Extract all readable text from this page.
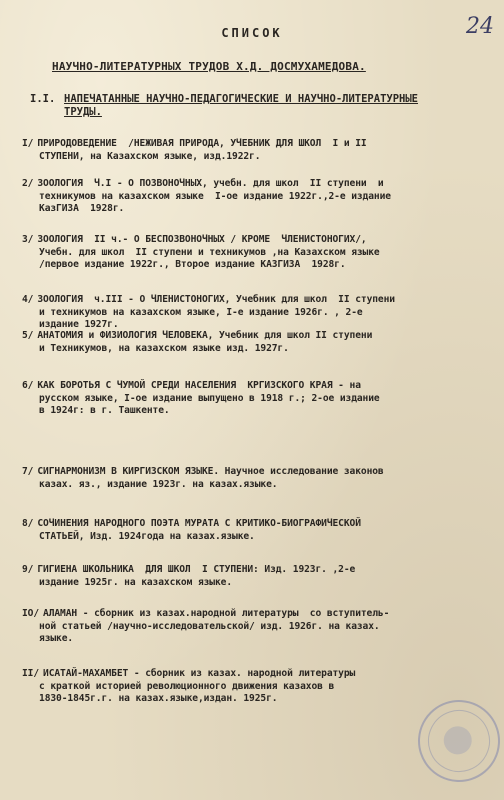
24
СПИСОК
НАУЧНО-ЛИТЕРАТУРНЫХ ТРУДОВ Х.Д. ДОСМУХАМЕДОВА.
I.I. НАПЕЧАТАННЫЕ НАУЧНО-ПЕДАГОГИЧЕСКИЕ И НАУЧНО-ЛИТЕРАТУРНЫЕ
ТРУДЫ.
I/ ПРИРОДОВЕДЕНИЕ  /НЕЖИВАЯ ПРИРОДА, УЧЕБНИК ДЛЯ ШКОЛ  I и II
СТУПЕНИ, на Казахском языке, изд.1922г.
2/ ЗООЛОГИЯ  Ч.I - О ПОЗВОНОЧНЫХ, учебн. для школ  II ступени  и
техникумов на казахском языке  I-ое издание 1922г.,2-е издание
КазГИЗА  1928г.
3/ ЗООЛОГИЯ  II ч.- О БЕСПОЗВОНОЧНЫХ / КРОМЕ  ЧЛЕНИСТОНОГИХ/,
Учебн. для школ  II ступени и техникумов ,на Казахском языке
/первое издание 1922г., Второе издание КАЗГИЗА  1928г.
4/ ЗООЛОГИЯ  ч.III - О ЧЛЕНИСТОНОГИХ, Учебник для школ  II ступени
и техникумов на казахском языке, I-е издание 1926г. , 2-е
издание 1927г.
5/ АНАТОМИЯ и ФИЗИОЛОГИЯ ЧЕЛОВЕКА, Учебник для школ II ступени
и Техникумов, на казахском языке изд. 1927г.
6/ КАК БОРОТЬЯ С ЧУМОЙ СРЕДИ НАСЕЛЕНИЯ  КРГИЗСКОГО КРАЯ - на
русском языке, I-ое издание выпущено в 1918 г.; 2-ое издание
в 1924г: в г. Ташкенте.
7/ СИГНАРМОНИЗМ В КИРГИЗСКОМ ЯЗЫКЕ. Научное исследование законов
казах. яз., издание 1923г. на казах.языке.
8/ СОЧИНЕНИЯ НАРОДНОГО ПОЭТА МУРАТА С КРИТИКО-БИОГРАФИЧЕСКОЙ
СТАТЬЕЙ, Изд. 1924года на казах.языке.
9/ ГИГИЕНА ШКОЛЬНИКА  ДЛЯ ШКОЛ  I СТУПЕНИ: Изд. 1923г. ,2-е
издание 1925г. на казахском языке.
IO/ АЛАМАН - сборник из казах.народной литературы  со вступитель-
ной статьей /научно-исследовательской/ изд. 1926г. на казах.
языке.
II/ ИСАТАЙ-МАХАМБЕТ - сборник из казах. народной литературы
с краткой историей революционного движения казахов в
1830-1845г.г. на казах.языке,издан. 1925г.
